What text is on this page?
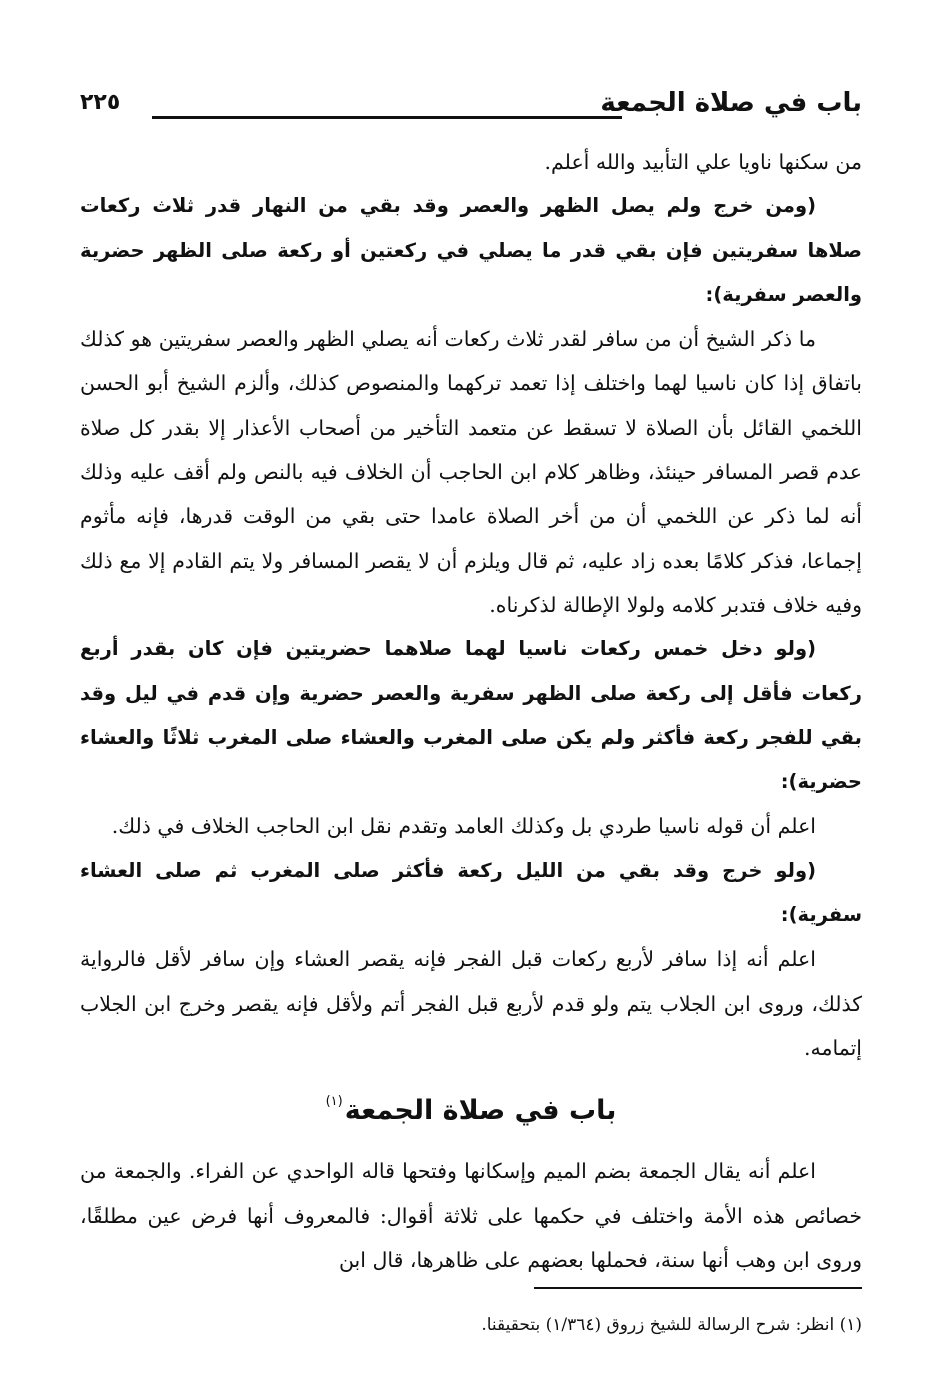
باب في صلاة الجمعة
٢٢٥

من سكنها ناويا علي التأبيد والله أعلم.

(ومن خرج ولم يصل الظهر والعصر وقد بقي من النهار قدر ثلاث ركعات صلاها سفريتين فإن بقي قدر ما يصلي في ركعتين أو ركعة صلى الظهر حضرية والعصر سفرية):

ما ذكر الشيخ أن من سافر لقدر ثلاث ركعات أنه يصلي الظهر والعصر سفريتين هو كذلك باتفاق إذا كان ناسيا لهما واختلف إذا تعمد تركهما والمنصوص كذلك، وألزم الشيخ أبو الحسن اللخمي القائل بأن الصلاة لا تسقط عن متعمد التأخير من أصحاب الأعذار إلا بقدر كل صلاة عدم قصر المسافر حينئذ، وظاهر كلام ابن الحاجب أن الخلاف فيه بالنص ولم أقف عليه وذلك أنه لما ذكر عن اللخمي أن من أخر الصلاة عامدا حتى بقي من الوقت قدرها، فإنه مأثوم إجماعا، فذكر كلامًا بعده زاد عليه، ثم قال ويلزم أن لا يقصر المسافر ولا يتم القادم إلا مع ذلك وفيه خلاف فتدبر كلامه ولولا الإطالة لذكرناه.

(ولو دخل خمس ركعات ناسيا لهما صلاهما حضريتين فإن كان بقدر أربع ركعات فأقل إلى ركعة صلى الظهر سفرية والعصر حضرية وإن قدم في ليل وقد بقي للفجر ركعة فأكثر ولم يكن صلى المغرب والعشاء صلى المغرب ثلاثًا والعشاء حضرية):

اعلم أن قوله ناسيا طردي بل وكذلك العامد وتقدم نقل ابن الحاجب الخلاف في ذلك.

(ولو خرج وقد بقي من الليل ركعة فأكثر صلى المغرب ثم صلى العشاء سفرية):

اعلم أنه إذا سافر لأربع ركعات قبل الفجر فإنه يقصر العشاء وإن سافر لأقل فالرواية كذلك، وروى ابن الجلاب يتم ولو قدم لأربع قبل الفجر أتم ولأقل فإنه يقصر وخرج ابن الجلاب إتمامه.

باب في صلاة الجمعة$^{(١)}$

اعلم أنه يقال الجمعة بضم الميم وإسكانها وفتحها قاله الواحدي عن الفراء. والجمعة من خصائص هذه الأمة واختلف في حكمها على ثلاثة أقوال: فالمعروف أنها فرض عين مطلقًا، وروى ابن وهب أنها سنة، فحملها بعضهم على ظاهرها، قال ابن

(١) انظر: شرح الرسالة للشيخ زروق (١/٣٦٤) بتحقيقنا.
